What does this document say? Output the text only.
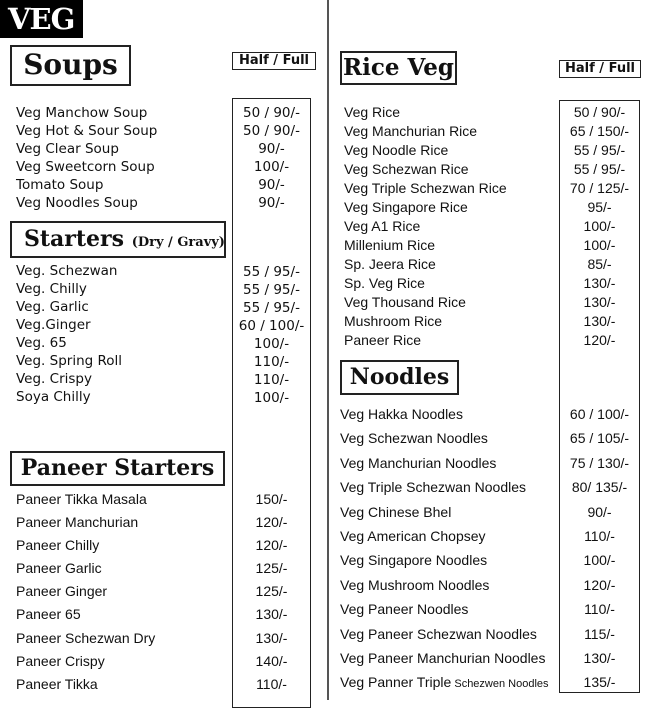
VEG
Soups	Half / Full
Veg Manchow Soup
Veg Hot & Sour Soup
Veg Clear Soup
Veg Sweetcorn Soup
Tomato Soup
Veg Noodles Soup
50 / 90/-
50 / 90/-
90/-
100/-
90/-
90/-
Starters (Dry / Gravy)
Veg. Schezwan
Veg. Chilly
Veg. Garlic
Veg.Ginger
Veg. 65
Veg. Spring Roll
Veg. Crispy
Soya Chilly
55 / 95/-
55 / 95/-
55 / 95/-
60 / 100/-
100/-
110/-
110/-
100/-
Paneer Starters
Paneer Tikka Masala
Paneer Manchurian
Paneer Chilly
Paneer Garlic
Paneer Ginger
Paneer 65
Paneer Schezwan Dry
Paneer Crispy
Paneer Tikka
150/-
120/-
120/-
125/-
125/-
130/-
130/-
140/-
110/-
Rice Veg	Half / Full
Veg Rice
Veg Manchurian Rice
Veg Noodle Rice
Veg Schezwan Rice
Veg Triple Schezwan Rice
Veg Singapore Rice
Veg A1 Rice
Millenium Rice
Sp. Jeera Rice
Sp. Veg Rice
Veg Thousand Rice
Mushroom Rice
Paneer Rice
50 / 90/-
65 / 150/-
55 / 95/-
55 / 95/-
70 / 125/-
95/-
100/-
100/-
85/-
130/-
130/-
130/-
120/-
Noodles
Veg Hakka Noodles
Veg Schezwan Noodles
Veg Manchurian Noodles
Veg Triple Schezwan Noodles
Veg Chinese Bhel
Veg American Chopsey
Veg Singapore Noodles
Veg Mushroom Noodles
Veg Paneer Noodles
Veg Paneer Schezwan Noodles
Veg Paneer Manchurian Noodles
Veg Panner Triple Schezwen Noodles
60 / 100/-
65 / 105/-
75 / 130/-
80/ 135/-
90/-
110/-
100/-
120/-
110/-
115/-
130/-
135/-
